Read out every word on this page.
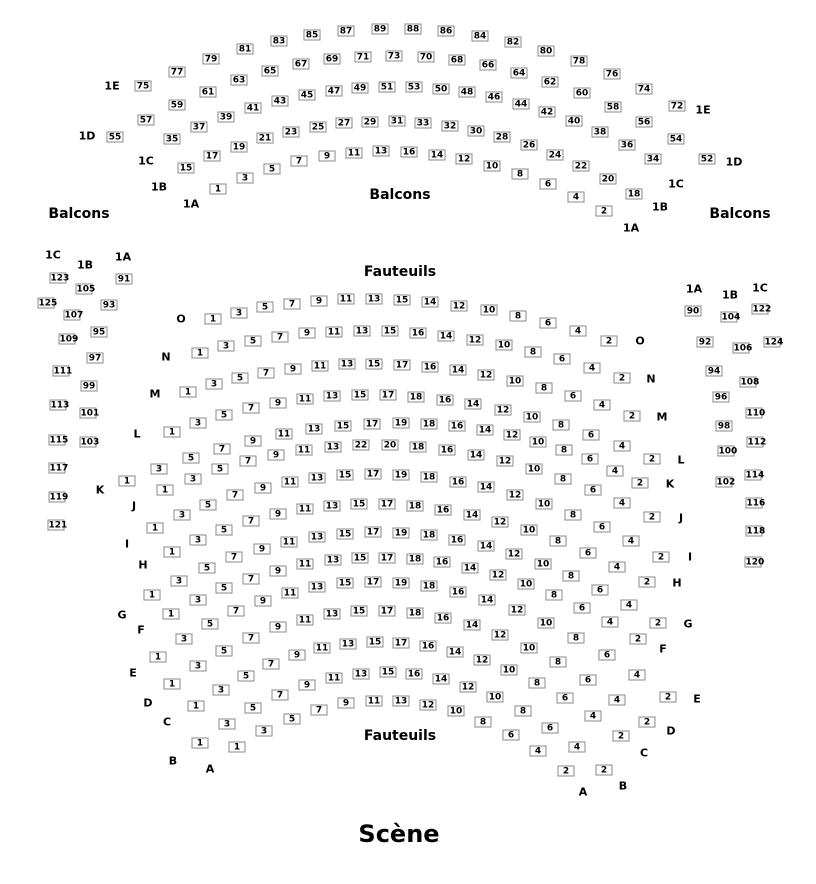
Balcons
Balcons
Balcons
Fauteuils
Fauteuils
Scène
75
77
79
81
83
85 87 89 88 86 84
82
80
78
76
74
72
1E
1E
55
57
59
61
63
65
67 69 71 73 70 68 66
64
62
60
58
56
54
52
1D
1D
35
37
39
41
43
45 47 49 51 53 50 48 46
44
42
40
38
36
34
1C
1C
15
17
19
21
23 25 27 29 31 33 32 30
28
26
24
22
20
18
1B
1B
1
3
5
7	9	11 13 16 14 12
10
8
6
4
2
1A
1A
1
3
5	7	9	11 13 15 14 12 10
8
6
4
2
O
O
1
3	5	7	9	11 13 15 16 14 12 10
8
6
4
2
N
N
1
3
5	7	9	11 13 15 17 16 14 12
10
8
6
4
2
M
M
1
3
5
7	9	11 13 15 17 18 16 14
12
10
8
6
4
2
L
L
1
3
5
7
9
11 13 15 17 19 18 16 14 12
10
8
6
4
2
K	K
1
3
5
7
9	11 13 22 20 18 16 14
12
10
8
6
4
2
J
J
1
3
5
7
9
11 13 15 17 19 18 16 14
12
10
8
6
4
2
I
I
1
3
5
7
9	11 13 15 17 18 16 14
12
10
8
6
4
2
H
H
1
3
5
7
9
11 13 15 17 19 18 16
14
12
10
8
6
4
2
G
G
1
3
5
7
9
11 13 15 17 18 16
14
12
10
8
6
4
2
F
F
1
3
5
7
9
11
13 15 17 19 18
16
14
12
10
8
6
4
2
E
E
1
3
5
7
9
11
13 15 17 18 16
14
12
10
8
6
4
2
D
D
1
3
5
7
9
11 13 15 17 16
14
12
10
8
6
4
2
C
C
1
3
5
7
9
11 13 15 16 14
12
10
8
6
4
2
B
B
1
3
5
7
9	11 13 12
10
8
6
4
2
A
A
1C
1B
1A
123
105
91
125
107
93
109
95
111
97
113
99
115
101
117
103
119
121
1A 1B
1C
90
104
122
92
106
124
94
108
96
110
98
112
100
114
102
116
118
120
